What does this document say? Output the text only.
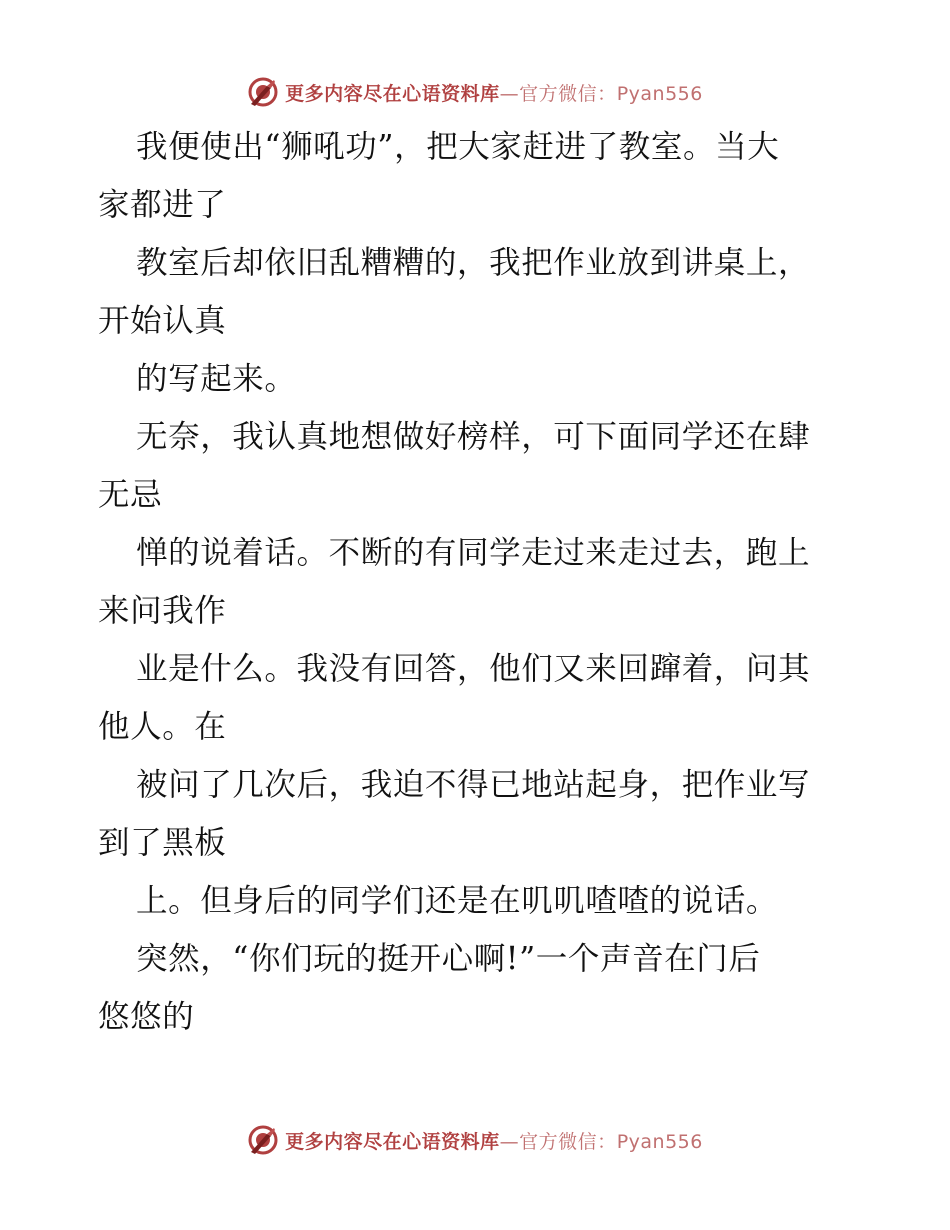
更多内容尽在心语资料库—官方微信：Pyan556
我便使出“狮吼功”，把大家赶进了教室。当大
家都进了
教室后却依旧乱糟糟的，我把作业放到讲桌上，
开始认真
的写起来。
无奈，我认真地想做好榜样，可下面同学还在肆
无忌
惮的说着话。不断的有同学走过来走过去，跑上
来问我作
业是什么。我没有回答，他们又来回蹿着，问其
他人。在
被问了几次后，我迫不得已地站起身，把作业写
到了黑板
上。但身后的同学们还是在叽叽喳喳的说话。
突然，“你们玩的挺开心啊!”一个声音在门后
悠悠的
更多内容尽在心语资料库—官方微信：Pyan556
